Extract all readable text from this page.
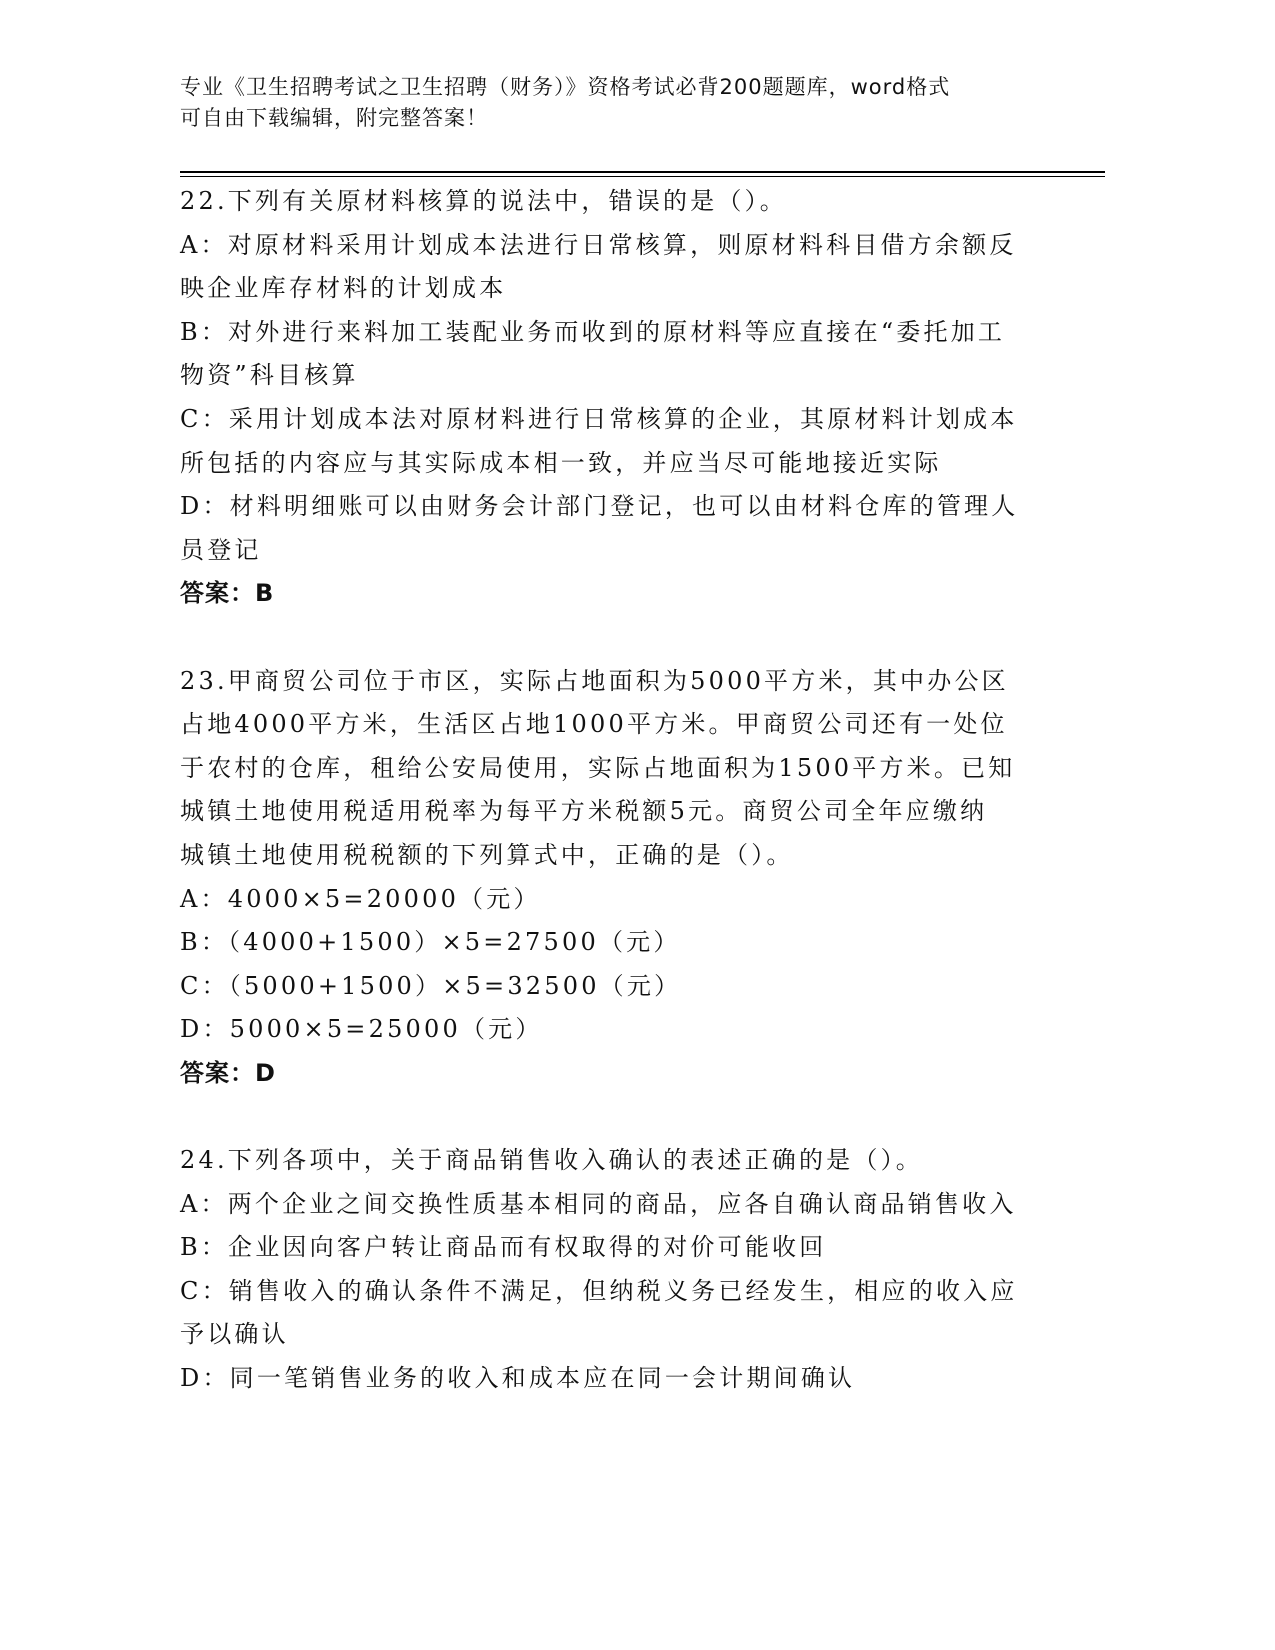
专业《卫生招聘考试之卫生招聘（财务）》资格考试必背200题题库，word格式
可自由下载编辑，附完整答案！
22.下列有关原材料核算的说法中，错误的是（）。
A：对原材料采用计划成本法进行日常核算，则原材料科目借方余额反
映企业库存材料的计划成本
B：对外进行来料加工装配业务而收到的原材料等应直接在“委托加工
物资”科目核算
C：采用计划成本法对原材料进行日常核算的企业，其原材料计划成本
所包括的内容应与其实际成本相一致，并应当尽可能地接近实际
D：材料明细账可以由财务会计部门登记，也可以由材料仓库的管理人
员登记
答案：B
23.甲商贸公司位于市区，实际占地面积为5000平方米，其中办公区
占地4000平方米，生活区占地1000平方米。甲商贸公司还有一处位
于农村的仓库，租给公安局使用，实际占地面积为1500平方米。已知
城镇土地使用税适用税率为每平方米税额5元。商贸公司全年应缴纳
城镇土地使用税税额的下列算式中，正确的是（）。
A：4000×5=20000（元）
B：（4000+1500）×5=27500（元）
C：（5000+1500）×5=32500（元）
D：5000×5=25000（元）
答案：D
24.下列各项中，关于商品销售收入确认的表述正确的是（）。
A：两个企业之间交换性质基本相同的商品，应各自确认商品销售收入
B：企业因向客户转让商品而有权取得的对价可能收回
C：销售收入的确认条件不满足，但纳税义务已经发生，相应的收入应
予以确认
D：同一笔销售业务的收入和成本应在同一会计期间确认
